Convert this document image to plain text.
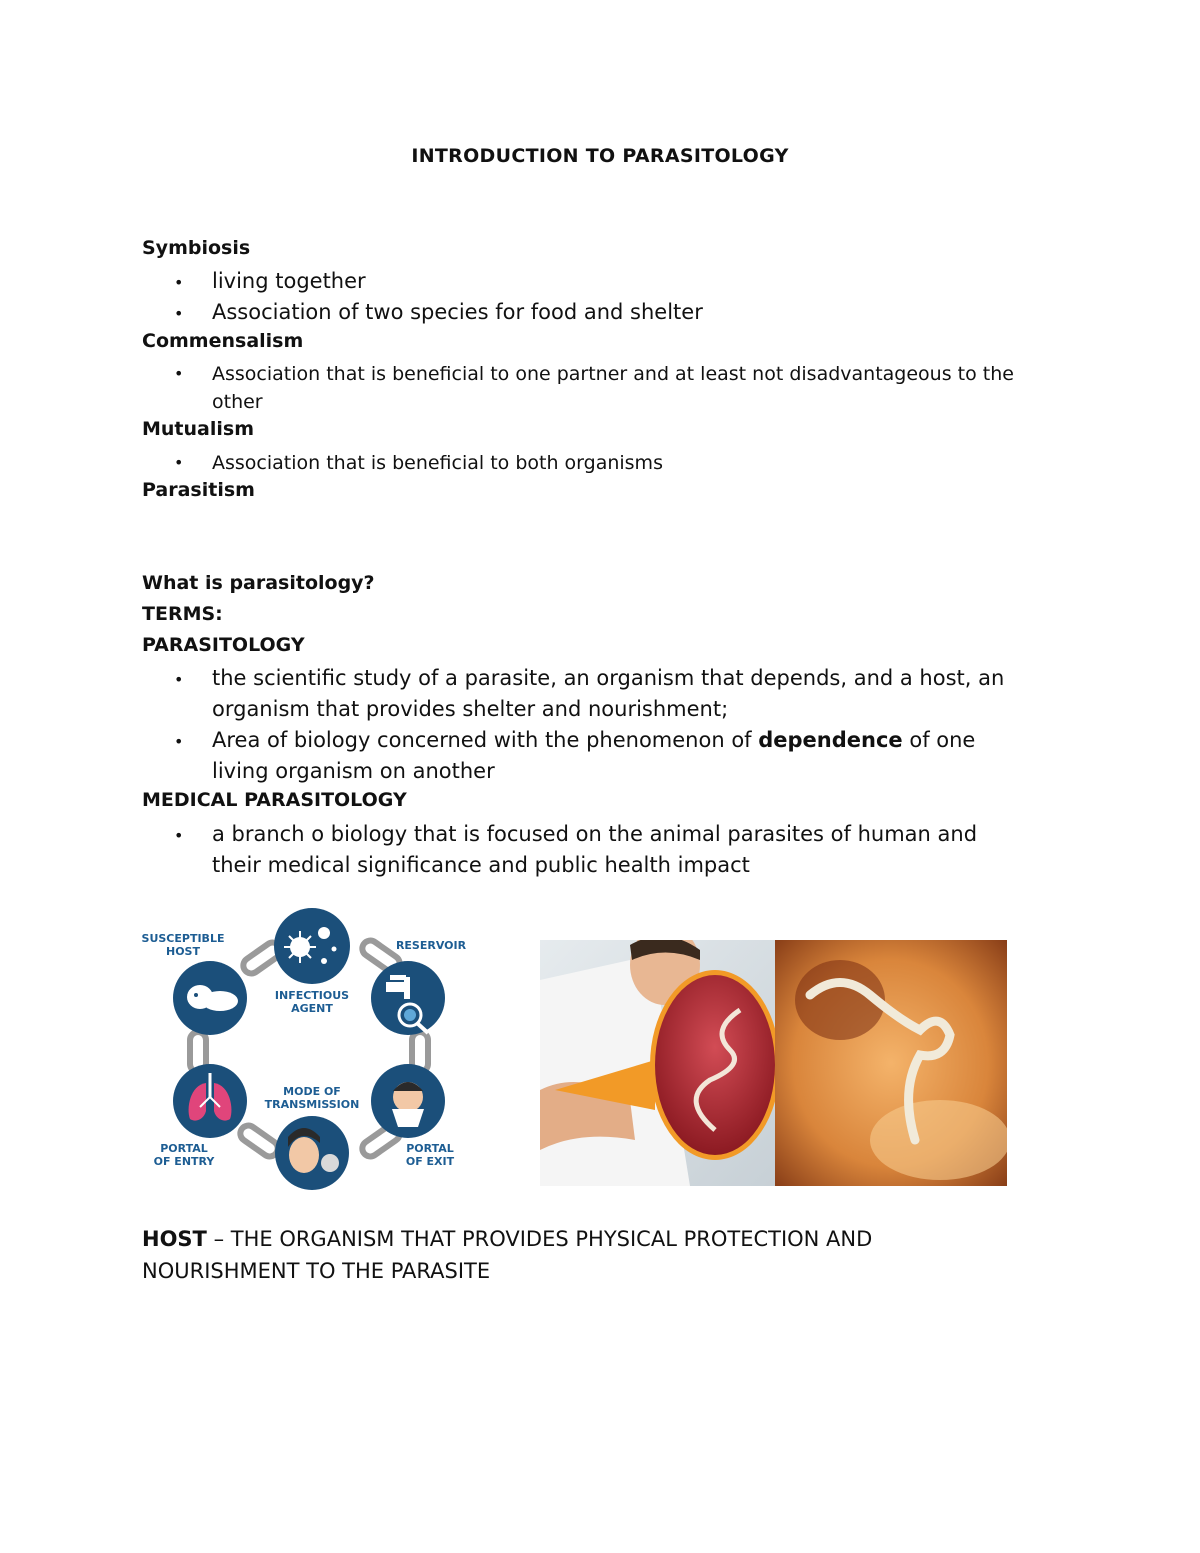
INTRODUCTION TO PARASITOLOGY
Symbiosis
• living together
• Association of two species for food and shelter
Commensalism
• Association that is beneficial to one partner and at least not disadvantageous to the other
Mutualism
• Association that is beneficial to both organisms
Parasitism
What is parasitology?
TERMS:
PARASITOLOGY
• the scientific study of a parasite, an organism that depends, and a host, an organism that provides shelter and nourishment;
• Area of biology concerned with the phenomenon of dependence of one living organism on another
MEDICAL PARASITOLOGY
• a branch o biology that is focused on the animal parasites of human and their medical significance and public health impact
SUSCEPTIBLE
HOST	RESERVOIR
INFECTIOUS
AGENT
MODE OF
TRANSMISSION
PORTAL
OF ENTRY
PORTAL
OF EXIT
HOST – THE ORGANISM THAT PROVIDES PHYSICAL PROTECTION AND NOURISHMENT TO THE PARASITE
